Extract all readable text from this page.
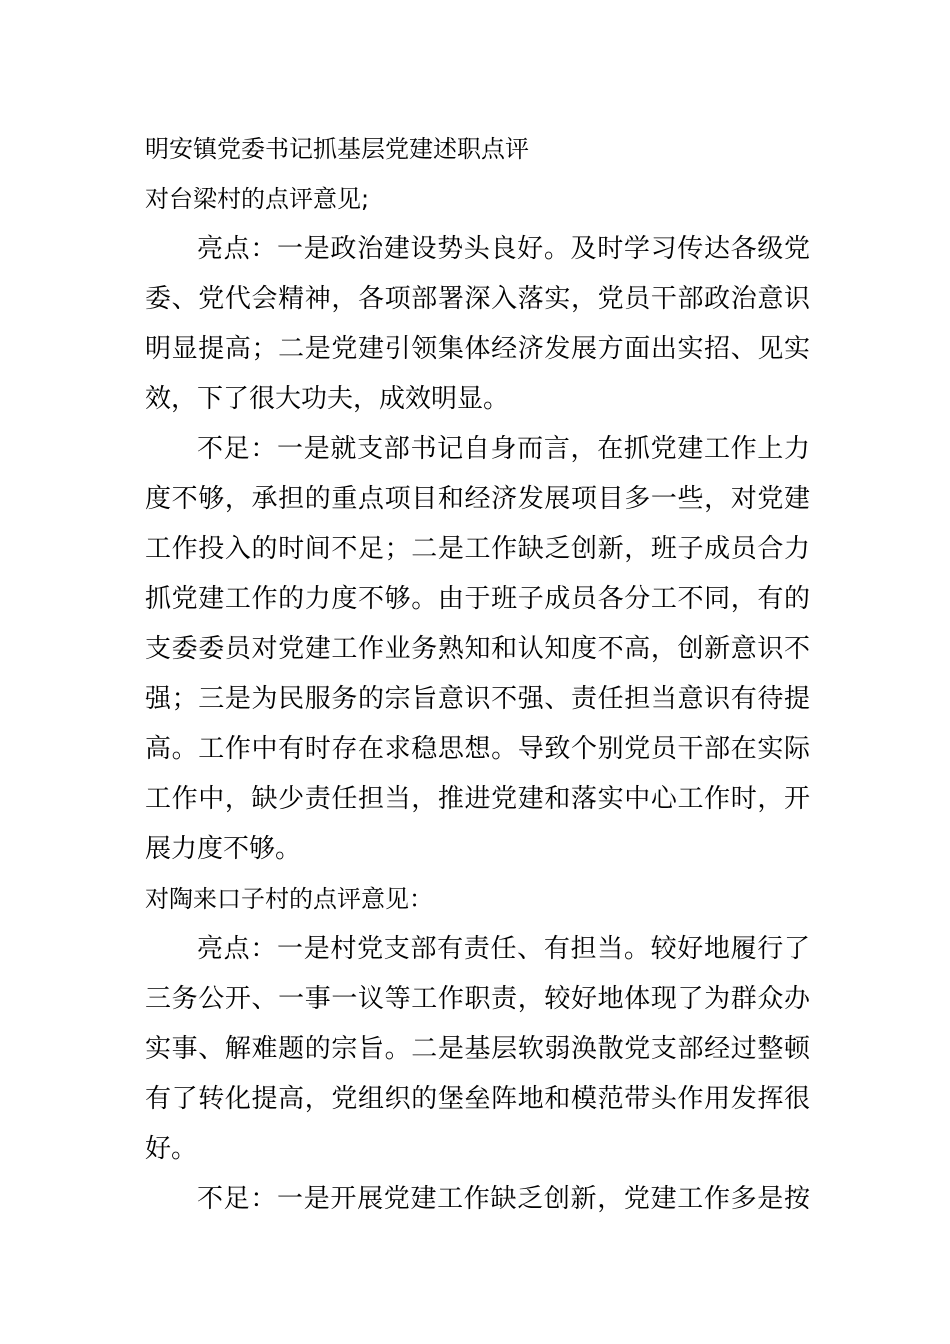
明安镇党委书记抓基层党建述职点评
对台梁村的点评意见;
亮点：一是政治建设势头良好。及时学习传达各级党
委、党代会精神，各项部署深入落实，党员干部政治意识
明显提高；二是党建引领集体经济发展方面出实招、见实
效，下了很大功夫，成效明显。
不足：一是就支部书记自身而言，在抓党建工作上力
度不够，承担的重点项目和经济发展项目多一些，对党建
工作投入的时间不足；二是工作缺乏创新，班子成员合力
抓党建工作的力度不够。由于班子成员各分工不同，有的
支委委员对党建工作业务熟知和认知度不高，创新意识不
强；三是为民服务的宗旨意识不强、责任担当意识有待提
高。工作中有时存在求稳思想。导致个别党员干部在实际
工作中，缺少责任担当，推进党建和落实中心工作时，开
展力度不够。
对陶来口子村的点评意见：
亮点：一是村党支部有责任、有担当。较好地履行了
三务公开、一事一议等工作职责，较好地体现了为群众办
实事、解难题的宗旨。二是基层软弱涣散党支部经过整顿
有了转化提高，党组织的堡垒阵地和模范带头作用发挥很
好。
不足：一是开展党建工作缺乏创新，党建工作多是按
